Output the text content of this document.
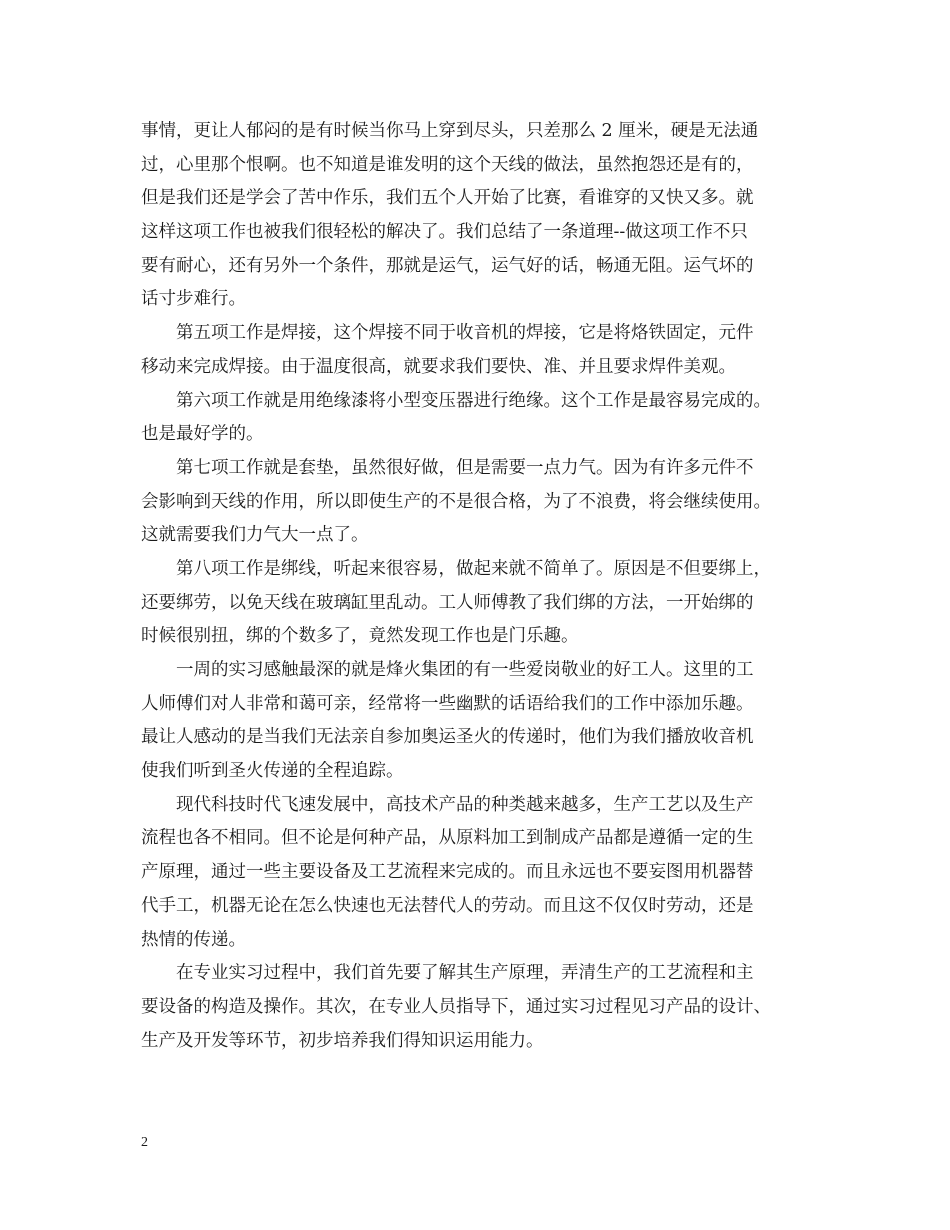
事情，更让人郁闷的是有时候当你马上穿到尽头，只差那么 2 厘米，硬是无法通
过，心里那个恨啊。也不知道是谁发明的这个天线的做法，虽然抱怨还是有的，
但是我们还是学会了苦中作乐，我们五个人开始了比赛，看谁穿的又快又多。就
这样这项工作也被我们很轻松的解决了。我们总结了一条道理--做这项工作不只
要有耐心，还有另外一个条件，那就是运气，运气好的话，畅通无阻。运气坏的
话寸步难行。
第五项工作是焊接，这个焊接不同于收音机的焊接，它是将烙铁固定，元件
移动来完成焊接。由于温度很高，就要求我们要快、准、并且要求焊件美观。
第六项工作就是用绝缘漆将小型变压器进行绝缘。这个工作是最容易完成的。
也是最好学的。
第七项工作就是套垫，虽然很好做，但是需要一点力气。因为有许多元件不
会影响到天线的作用，所以即使生产的不是很合格，为了不浪费，将会继续使用。
这就需要我们力气大一点了。
第八项工作是绑线，听起来很容易，做起来就不简单了。原因是不但要绑上，
还要绑劳，以免天线在玻璃缸里乱动。工人师傅教了我们绑的方法，一开始绑的
时候很别扭，绑的个数多了，竟然发现工作也是门乐趣。
一周的实习感触最深的就是烽火集团的有一些爱岗敬业的好工人。这里的工
人师傅们对人非常和蔼可亲，经常将一些幽默的话语给我们的工作中添加乐趣。
最让人感动的是当我们无法亲自参加奥运圣火的传递时，他们为我们播放收音机
使我们听到圣火传递的全程追踪。
现代科技时代飞速发展中，高技术产品的种类越来越多，生产工艺以及生产
流程也各不相同。但不论是何种产品，从原料加工到制成产品都是遵循一定的生
产原理，通过一些主要设备及工艺流程来完成的。而且永远也不要妄图用机器替
代手工，机器无论在怎么快速也无法替代人的劳动。而且这不仅仅时劳动，还是
热情的传递。
在专业实习过程中，我们首先要了解其生产原理，弄清生产的工艺流程和主
要设备的构造及操作。其次，在专业人员指导下，通过实习过程见习产品的设计、
生产及开发等环节，初步培养我们得知识运用能力。
2
